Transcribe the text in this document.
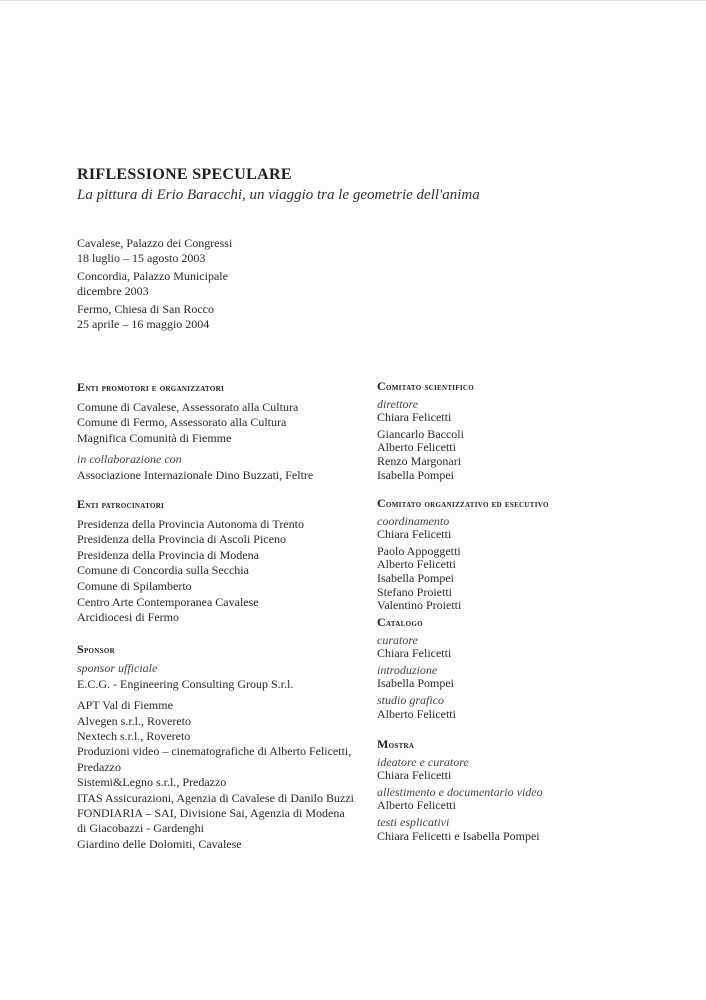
RIFLESSIONE SPECULARE
La pittura di Erio Baracchi, un viaggio tra le geometrie dell'anima
Cavalese, Palazzo dei Congressi
18 luglio – 15 agosto 2003
Concordia, Palazzo Municipale
dicembre 2003
Fermo, Chiesa di San Rocco
25 aprile – 16 maggio 2004
Enti promotori e organizzatori
Comune di Cavalese, Assessorato alla Cultura
Comune di Fermo, Assessorato alla Cultura
Magnifica Comunità di Fiemme
in collaborazione con
Associazione Internazionale Dino Buzzati, Feltre
Enti patrocinatori
Presidenza della Provincia Autonoma di Trento
Presidenza della Provincia di Ascoli Piceno
Presidenza della Provincia di Modena
Comune di Concordia sulla Secchia
Comune di Spilamberto
Centro Arte Contemporanea Cavalese
Arcidiocesi di Fermo
Sponsor
sponsor ufficiale
E.C.G. - Engineering Consulting Group S.r.l.
APT Val di Fiemme
Alvegen s.r.l., Rovereto
Nextech s.r.l., Rovereto
Produzioni video – cinematografiche di Alberto Felicetti,
Predazzo
Sistemi&Legno s.r.l., Predazzo
ITAS Assicurazioni, Agenzia di Cavalese di Danilo Buzzi
FONDIARIA – SAI, Divisione Sai, Agenzia di Modena
di Giacobazzi - Gardenghi
Giardino delle Dolomiti, Cavalese
Comitato scientifico
direttore
Chiara Felicetti
Giancarlo Baccoli
Alberto Felicetti
Renzo Margonari
Isabella Pompei
Comitato organizzativo ed esecutivo
coordinamento
Chiara Felicetti
Paolo Appoggetti
Alberto Felicetti
Isabella Pompei
Stefano Proietti
Valentino Proietti
Catalogo
curatore
Chiara Felicetti
introduzione
Isabella Pompei
studio grafico
Alberto Felicetti
Mostra
ideatore e curatore
Chiara Felicetti
allestimento e documentario video
Alberto Felicetti
testi esplicativi
Chiara Felicetti e Isabella Pompei
